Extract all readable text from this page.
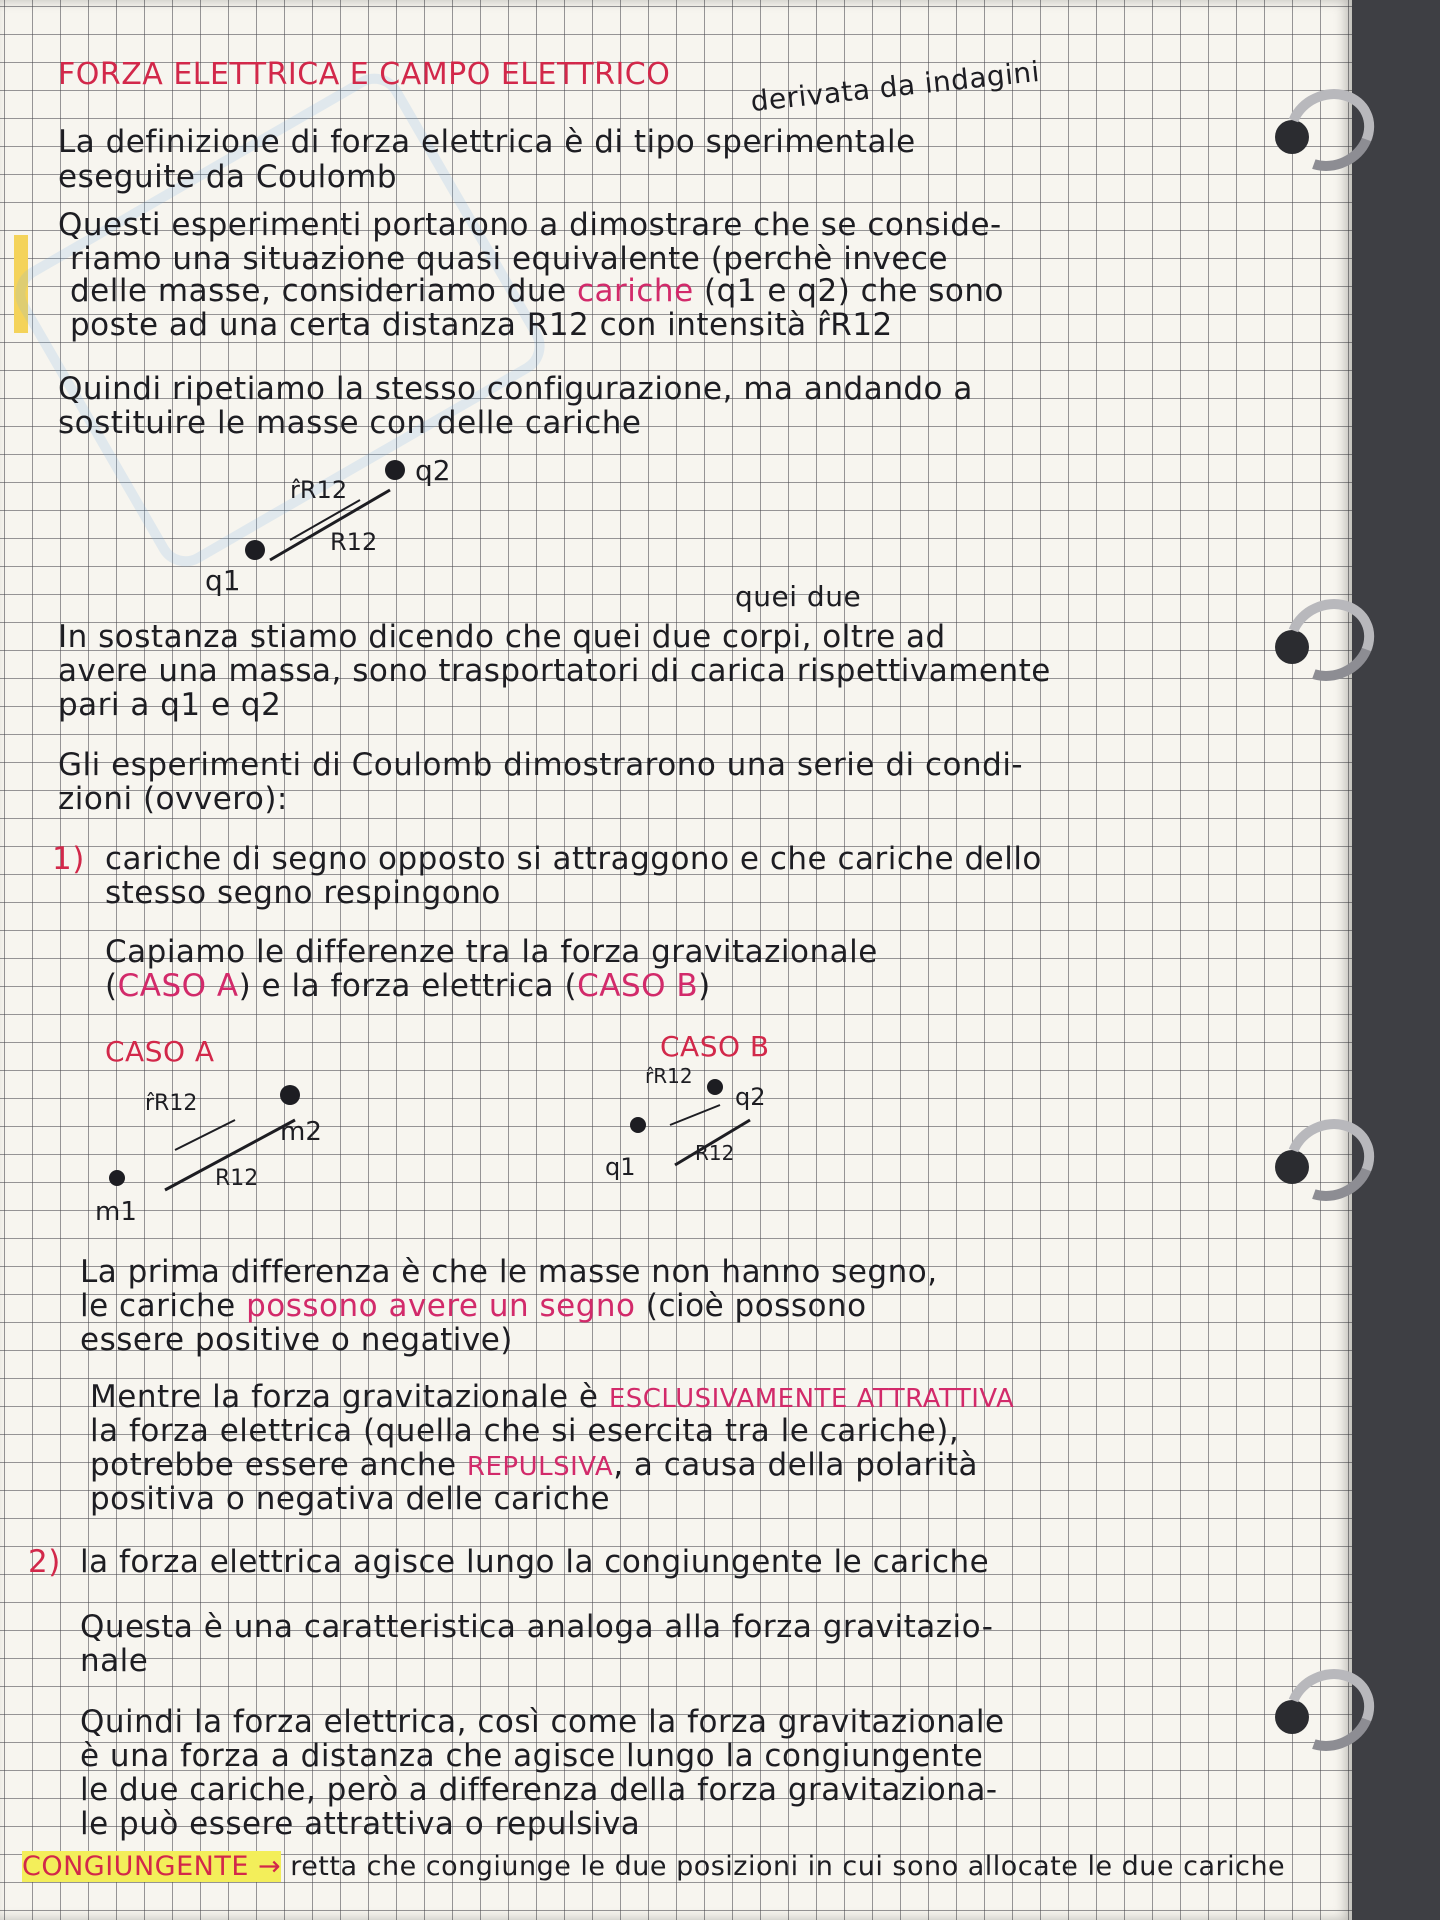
FORZA ELETTRICA E CAMPO ELETTRICO	derivata da indagini
La definizione di forza elettrica è di tipo sperimentale
eseguite da Coulomb
Questi esperimenti portarono a dimostrare che se conside-
riamo una situazione quasi equivalente (perchè invece
delle masse, consideriamo due cariche (q1 e q2) che sono
poste ad una certa distanza R12 con intensità r̂R12
Quindi ripetiamo la stesso configurazione, ma andando a
sostituire le masse con delle cariche
r̂R12
R12
q1
q2
quei due
In sostanza stiamo dicendo che quei due corpi, oltre ad
avere una massa, sono trasportatori di carica rispettivamente
pari a q1 e q2
Gli esperimenti di Coulomb dimostrarono una serie di condi-
zioni (ovvero):
1) cariche di segno opposto si attraggono e che cariche dello
stesso segno respingono
Capiamo le differenze tra la forza gravitazionale
(CASO A) e la forza elettrica (CASO B)
CASO A	CASO B
r̂R12
R12
m1
m2
r̂R12
R12
q1
q2
La prima differenza è che le masse non hanno segno,
le cariche possono avere un segno (cioè possono
essere positive o negative)
Mentre la forza gravitazionale è ESCLUSIVAMENTE ATTRATTIVA
la forza elettrica (quella che si esercita tra le cariche),
potrebbe essere anche REPULSIVA, a causa della polarità
positiva o negativa delle cariche
2) la forza elettrica agisce lungo la congiungente le cariche
Questa è una caratteristica analoga alla forza gravitazio-
nale
Quindi la forza elettrica, così come la forza gravitazionale
è una forza a distanza che agisce lungo la congiungente
le due cariche, però a differenza della forza gravitaziona-
le può essere attrattiva o repulsiva
CONGIUNGENTE → retta che congiunge le due posizioni in cui sono allocate le due cariche
